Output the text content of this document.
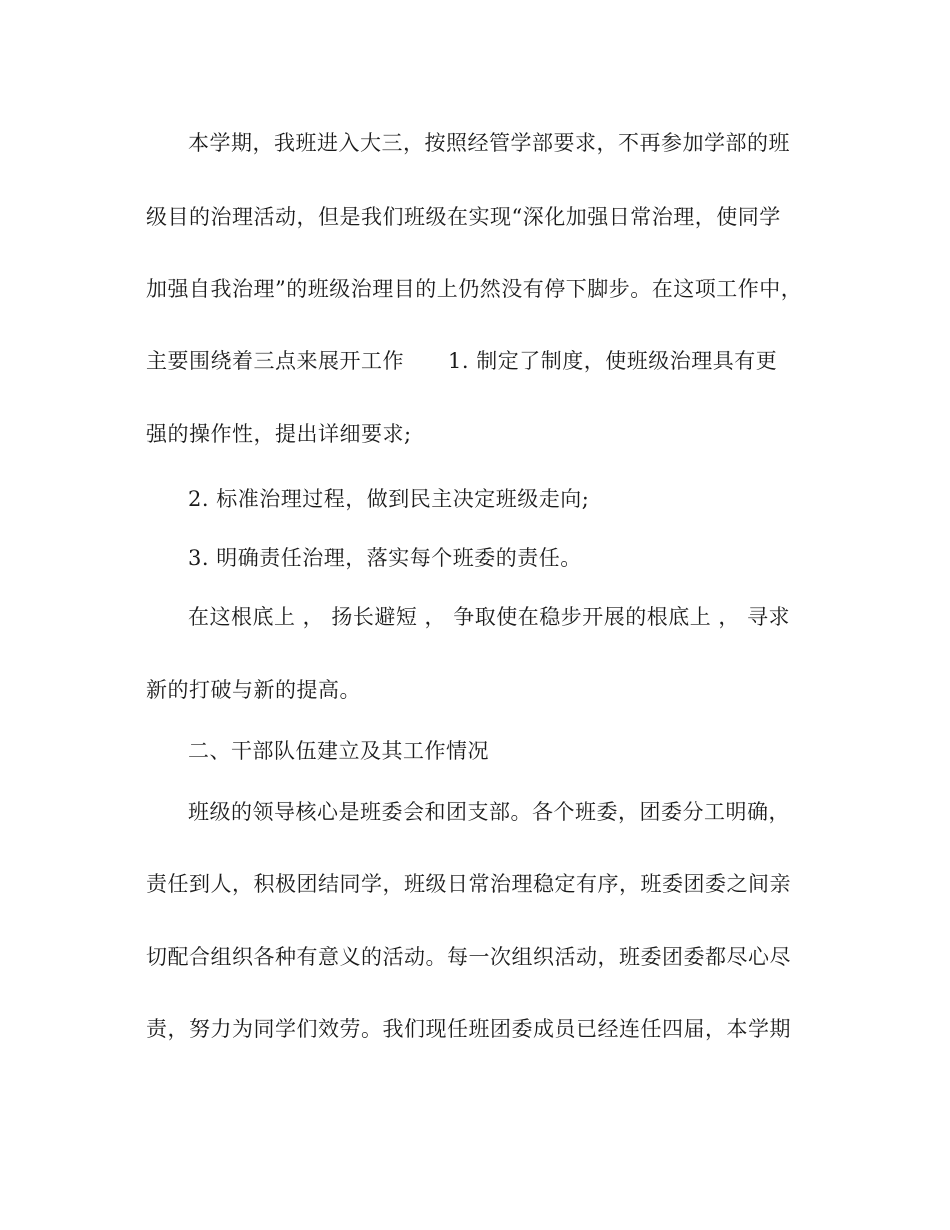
本学期，我班进入大三，按照经管学部要求，不再参加学部的班

级目的治理活动，但是我们班级在实现“深化加强日常治理，使同学

加强自我治理”的班级治理目的上仍然没有停下脚步。在这项工作中，

主要围绕着三点来展开工作 1. 制定了制度，使班级治理具有更

强的操作性，提出详细要求;

2. 标准治理过程，做到民主决定班级走向;

3. 明确责任治理，落实每个班委的责任。

在这根底上 ， 扬长避短 ， 争取使在稳步开展的根底上 ， 寻求

新的打破与新的提高。

二、干部队伍建立及其工作情况

班级的领导核心是班委会和团支部。各个班委，团委分工明确，

责任到人，积极团结同学，班级日常治理稳定有序，班委团委之间亲

切配合组织各种有意义的活动。每一次组织活动，班委团委都尽心尽

责，努力为同学们效劳。我们现任班团委成员已经连任四届，本学期
